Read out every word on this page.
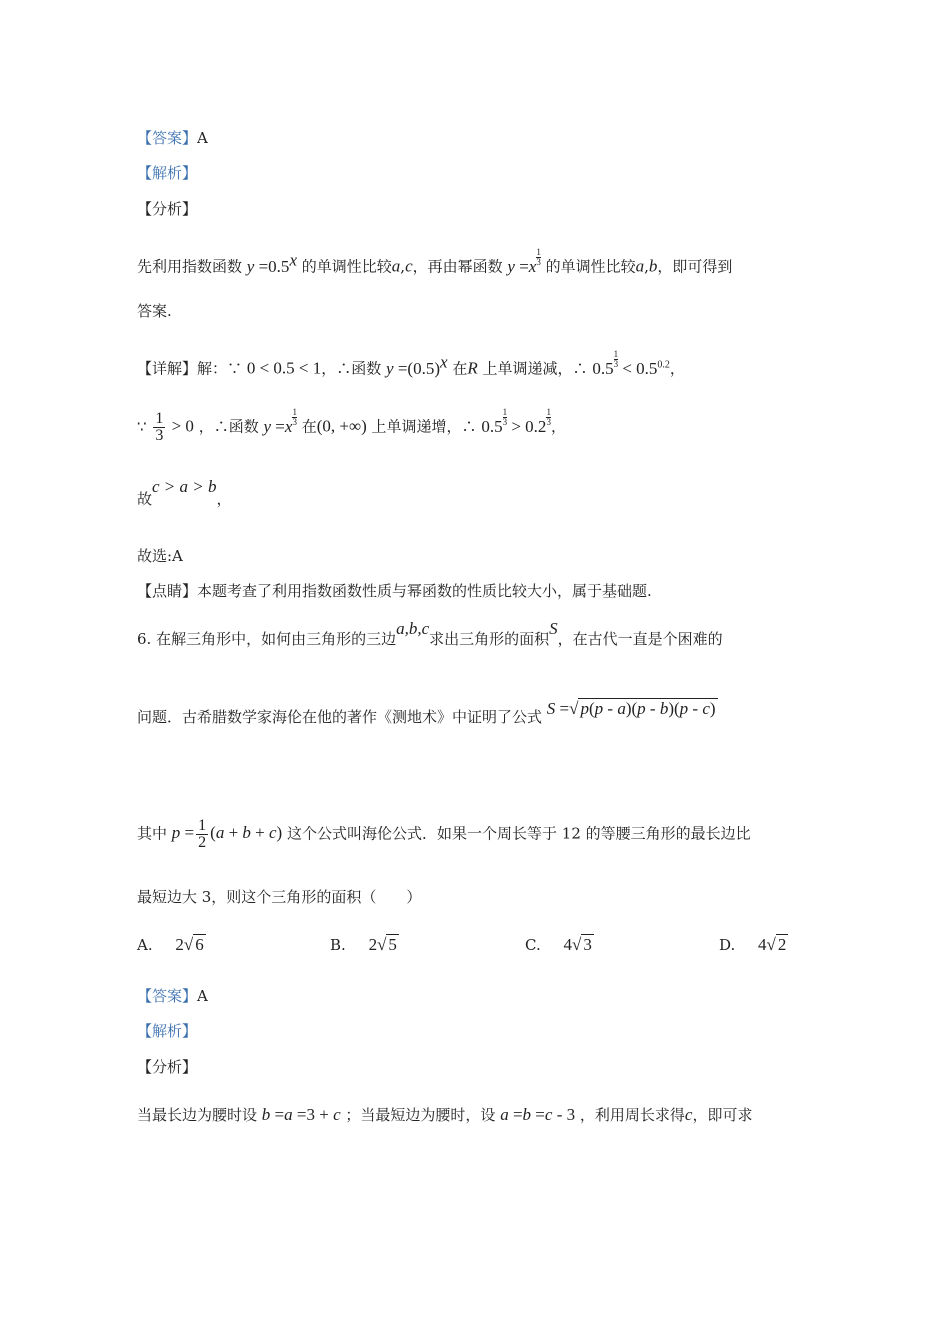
【答案】A
【解析】
【分析】
先利用指数函数 $y =0.5^x$ 的单调性比较a,c，再由幂函数 $y =x \frac{1}{3}$ 的单调性比较a,b，即可得到
答案.
【详解】解：∵ 0 < 0.5 < 1，∴函数 $y =(0.5)^x$ 在R 上单调递减，∴ $0.5 \frac{1}{3} < 0.5^{0.2}$，
∵ $\frac{1}{3} > 0$ ，∴函数 $y =x \frac{1}{3}$ 在(0, +∞) 上单调递增，∴ $0.5 \frac{1}{3} > 0.2 \frac{1}{3}$ ，
故c > a > b，
故选:A
【点睛】本题考查了利用指数函数性质与幂函数的性质比较大小，属于基础题.
6. 在解三角形中，如何由三角形的三边a,b,c求出三角形的面积S，在古代一直是个困难的
问题．古希腊数学家海伦在他的著作《测地术》中证明了公式 S =√ p(p - a)(p - b)(p - c)
其中 $p = \frac{1}{2} (a + b + c)$ 这个公式叫海伦公式．如果一个周长等于 12 的等腰三角形的最长边比
最短边大 3，则这个三角形的面积（　　）
A. 2√ 6	B. 2√ 5	C. 4√ 3	D. 4√ 2
【答案】A
【解析】
【分析】
当最长边为腰时设 b =a =3 + c ；当最短边为腰时，设 a =b =c - 3 ，利用周长求得c，即可求
